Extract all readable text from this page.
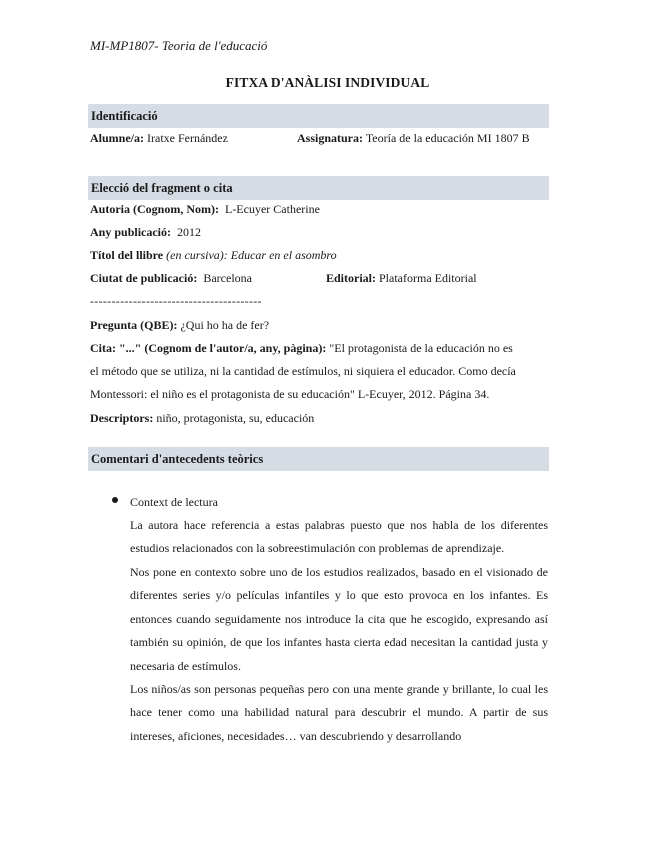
MI-MP1807- Teoria de l'educació
FITXA D'ANÀLISI INDIVIDUAL
Identificació
Alumne/a: Iratxe Fernández	Assignatura: Teoría de la educación MI 1807 B
Elecció del fragment o cita
Autoria (Cognom, Nom): L-Ecuyer Catherine
Any publicació: 2012
Títol del llibre (en cursiva): Educar en el asombro
Ciutat de publicació: Barcelona	Editorial: Plataforma Editorial
----------------------------------------
Pregunta (QBE): ¿Qui ho ha de fer?
Cita: "..." (Cognom de l'autor/a, any, pàgina): "El protagonista de la educación no es
el método que se utiliza, ni la cantidad de estímulos, ni siquiera el educador. Como decía
Montessori: el niño es el protagonista de su educación" L-Ecuyer, 2012. Página 34.
Descriptors: niño, protagonista, su, educación
Comentari d'antecedents teòrics
Context de lectura
La autora hace referencia a estas palabras puesto que nos habla de los diferentes estudios relacionados con la sobreestimulación con problemas de aprendizaje.
Nos pone en contexto sobre uno de los estudios realizados, basado en el visionado de diferentes series y/o películas infantiles y lo que esto provoca en los infantes. Es entonces cuando seguidamente nos introduce la cita que he escogido, expresando así también su opinión, de que los infantes hasta cierta edad necesitan la cantidad justa y necesaria de estímulos.
Los niños/as son personas pequeñas pero con una mente grande y brillante, lo cual les hace tener como una habilidad natural para descubrir el mundo. A partir de sus intereses, aficiones, necesidades… van descubriendo y desarrollando
